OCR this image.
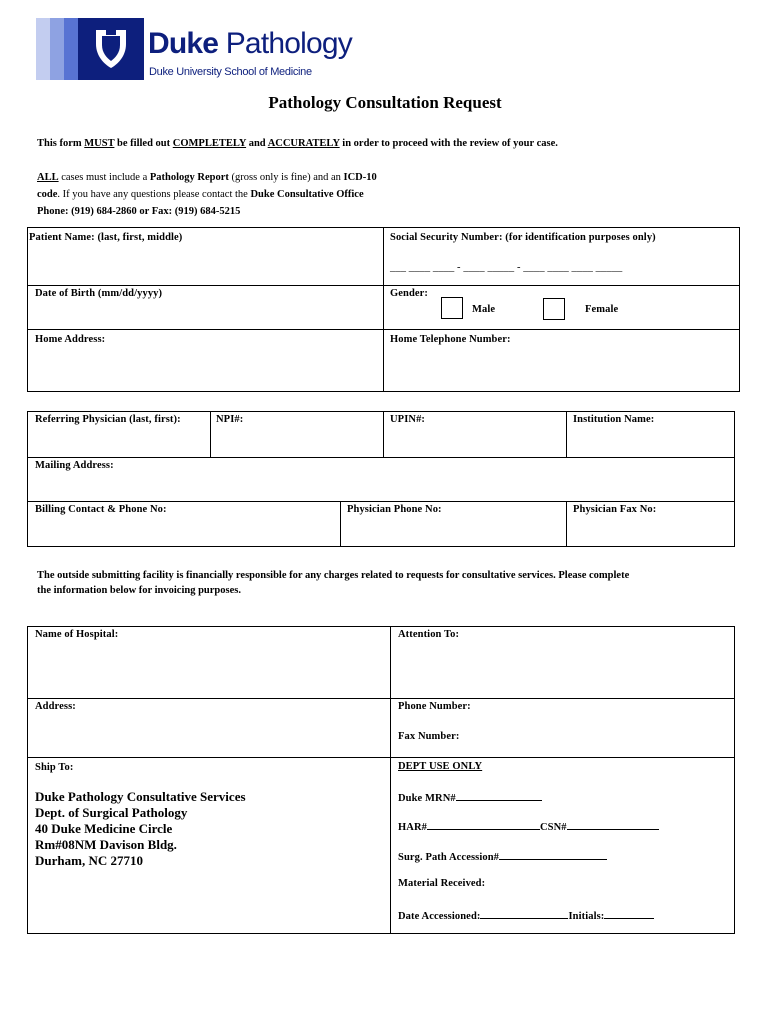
Duke Pathology
Duke University School of Medicine
Pathology Consultation Request
This form MUST be filled out COMPLETELY and ACCURATELY in order to proceed with the review of your case.
ALL cases must include a Pathology Report (gross only is fine) and an ICD-10
code. If you have any questions please contact the Duke Consultative Office
Phone: (919) 684-2860 or Fax: (919) 684-5215
Patient Name: (last, first, middle)	Social Security Number: (for identification purposes only)
___ ____ ____ - ____ _____ - ____ ____ ____ _____
Date of Birth (mm/dd/yyyy)	Gender:
Male	Female
Home Address:	Home Telephone Number:
Referring Physician (last, first):	NPI#:	UPIN#:	Institution Name:
Mailing Address:
Billing Contact & Phone No:	Physician Phone No:	Physician Fax No:
The outside submitting facility is financially responsible for any charges related to requests for consultative services. Please complete
the information below for invoicing purposes.
Name of Hospital:	Attention To:
Address:	Phone Number:
Fax Number:
Ship To:	DEPT USE ONLY
Duke Pathology Consultative Services
Dept. of Surgical Pathology
40 Duke Medicine Circle
Rm#08NM Davison Bldg.
Durham, NC 27710
Duke MRN#
HAR#	CSN#
Surg. Path Accession#
Material Received:
Date Accessioned:	Initials:
